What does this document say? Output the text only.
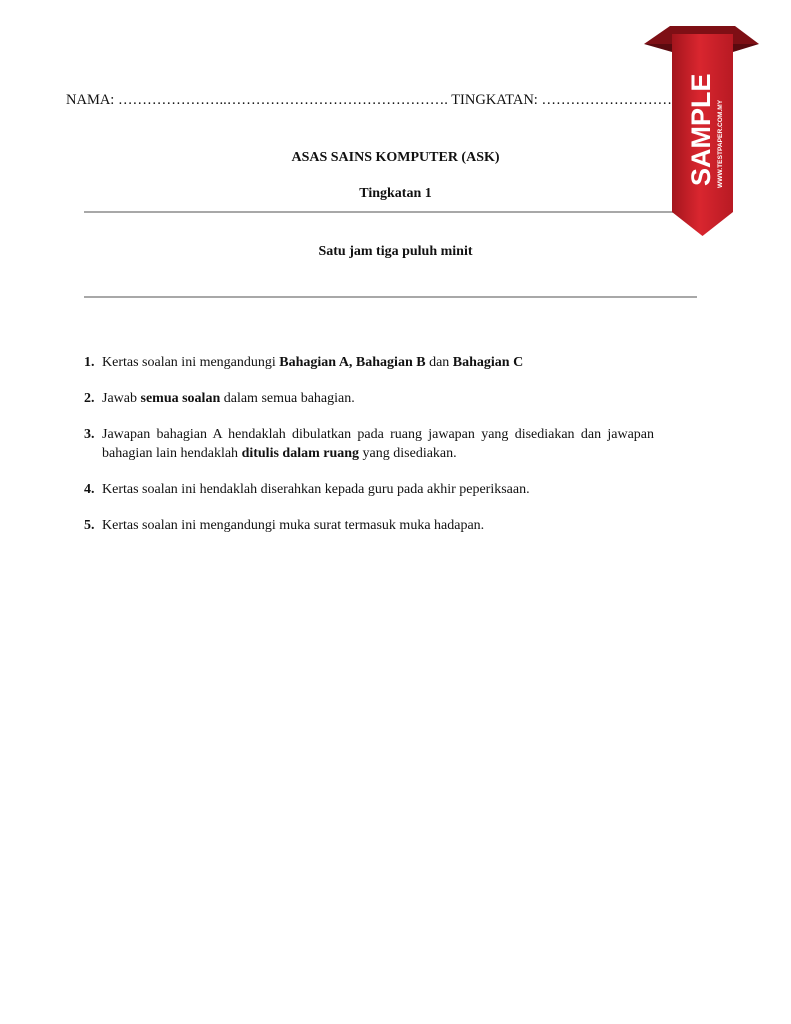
NAMA: …………………..………………………………………. TINGKATAN: ………………………
ASAS SAINS KOMPUTER (ASK)
Tingkatan 1
Satu jam tiga puluh minit
1. Kertas soalan ini mengandungi Bahagian A, Bahagian B dan Bahagian C
2. Jawab semua soalan dalam semua bahagian.
3. Jawapan bahagian A hendaklah dibulatkan pada ruang jawapan yang disediakan dan jawapan bahagian lain hendaklah ditulis dalam ruang yang disediakan.
4. Kertas soalan ini hendaklah diserahkan kepada guru pada akhir peperiksaan.
5. Kertas soalan ini mengandungi muka surat termasuk muka hadapan.
SAMPLE WWW.TESTPAPER.COM.MY
